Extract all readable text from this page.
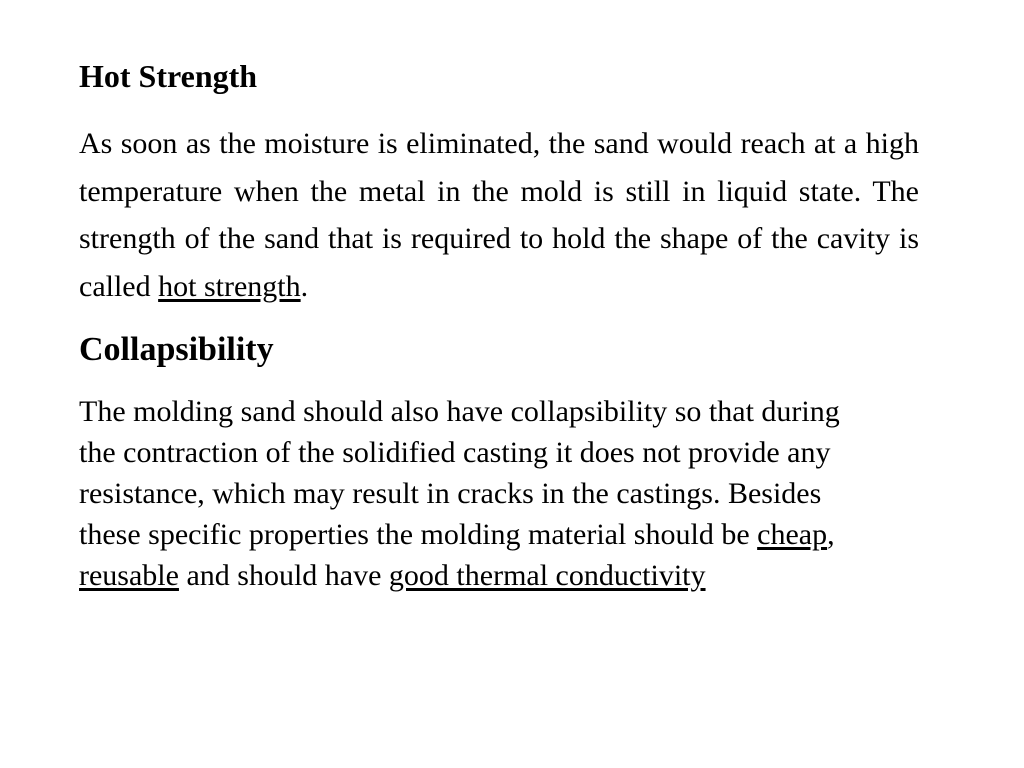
Hot Strength

As soon as the moisture is eliminated, the sand would reach at a high temperature when the metal in the mold is still in liquid state. The strength of the sand that is required to hold the shape of the cavity is called hot strength.

Collapsibility

The molding sand should also have collapsibility so that during the contraction of the solidified casting it does not provide any resistance, which may result in cracks in the castings. Besides these specific properties the molding material should be cheap, reusable and should have good thermal conductivity
